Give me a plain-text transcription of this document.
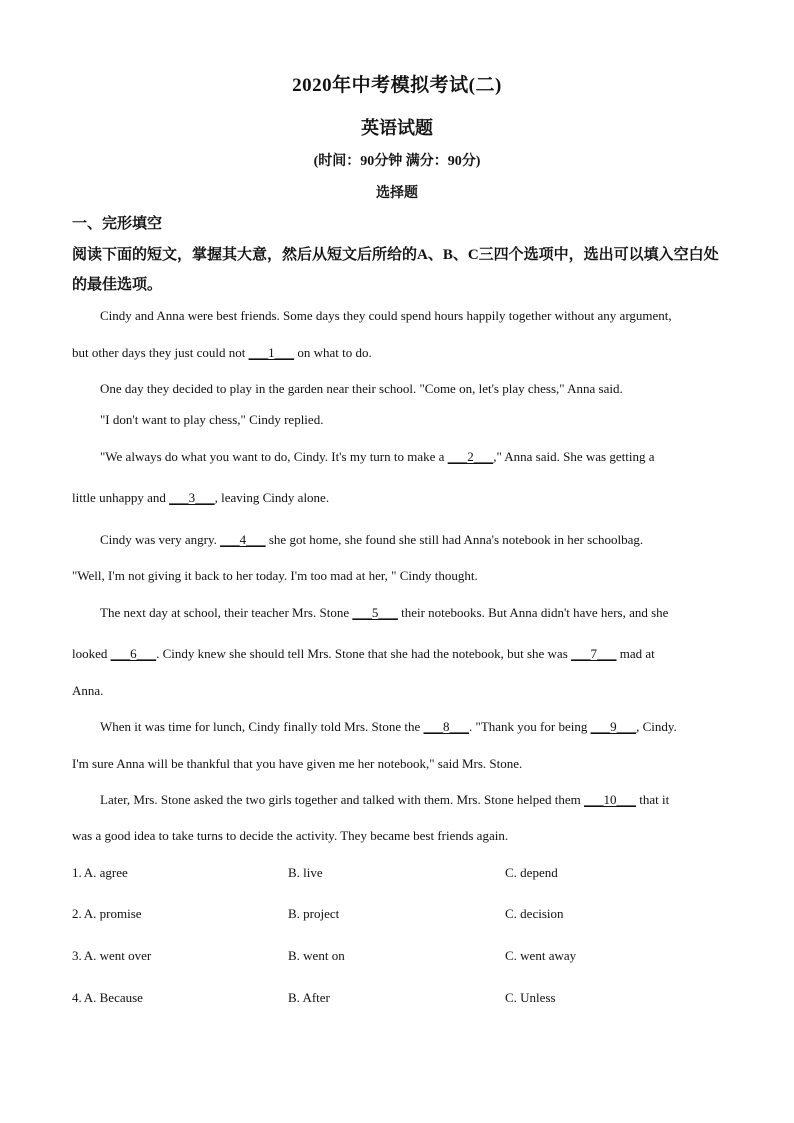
2020年中考模拟考试(二)
英语试题
(时间：90分钟 满分：90分)
选择题
一、完形填空
阅读下面的短文，掌握其大意，然后从短文后所给的A、B、C三四个选项中，选出可以填入空白处的最佳选项。
Cindy and Anna were best friends. Some days they could spend hours happily together without any argument,
but other days they just could not ___1___ on what to do.
One day they decided to play in the garden near their school. "Come on, let's play chess," Anna said.
"I don't want to play chess," Cindy replied.
"We always do what you want to do, Cindy. It's my turn to make a ___2___," Anna said. She was getting a
little unhappy and ___3___, leaving Cindy alone.
Cindy was very angry. ___4___ she got home, she found she still had Anna's notebook in her schoolbag.
"Well, I'm not giving it back to her today. I'm too mad at her, " Cindy thought.
The next day at school, their teacher Mrs. Stone ___5___ their notebooks. But Anna didn't have hers, and she
looked ___6___. Cindy knew she should tell Mrs. Stone that she had the notebook, but she was ___7___ mad at
Anna.
When it was time for lunch, Cindy finally told Mrs. Stone the ___8___. "Thank you for being ___9___, Cindy.
I'm sure Anna will be thankful that you have given me her notebook," said Mrs. Stone.
Later, Mrs. Stone asked the two girls together and talked with them. Mrs. Stone helped them ___10___ that it
was a good idea to take turns to decide the activity. They became best friends again.
1. A. agree	B. live	C. depend
2. A. promise	B. project	C. decision
3. A. went over	B. went on	C. went away
4. A. Because	B. After	C. Unless
